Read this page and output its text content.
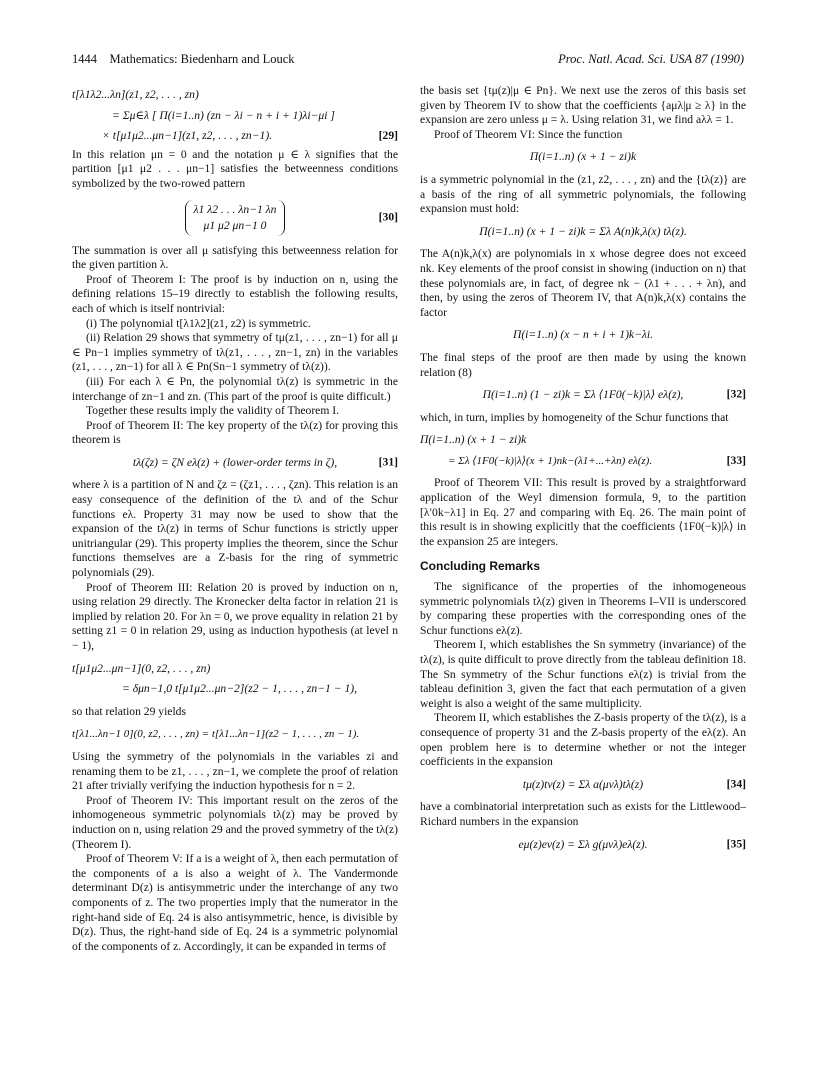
1444 Mathematics: Biedenharn and Louck	Proc. Natl. Acad. Sci. USA 87 (1990)
t[λ1λ2...λn](z1, z2, . . . , zn)
= Σμ∈λ [ Π(i=1..n) (zn − λi − n + i + 1)λi−μi ]
× t[μ1μ2...μn−1](z1, z2, . . . , zn−1).	[29]

In this relation μn = 0 and the notation μ ∈ λ signifies that the partition [μ1 μ2 . . . μn−1] satisfies the betweenness conditions symbolized by the two-rowed pattern

λ1 λ2 . . . λn−1 λn
μ1 μ2 μn−1 0
[30]

The summation is over all μ satisfying this betweenness relation for the given partition λ.

Proof of Theorem I: The proof is by induction on n, using the defining relations 15–19 directly to establish the following results, each of which is itself nontrivial:

(i) The polynomial t[λ1λ2](z1, z2) is symmetric.

(ii) Relation 29 shows that symmetry of tμ(z1, . . . , zn−1) for all μ ∈ Pn−1 implies symmetry of tλ(z1, . . . , zn−1, zn) in the variables (z1, . . . , zn−1) for all λ ∈ Pn(Sn−1 symmetry of tλ(z)).

(iii) For each λ ∈ Pn, the polynomial tλ(z) is symmetric in the interchange of zn−1 and zn. (This part of the proof is quite difficult.)

Together these results imply the validity of Theorem I.

Proof of Theorem II: The key property of the tλ(z) for proving this theorem is

tλ(ζz) = ζN eλ(z) + (lower-order terms in ζ),	[31]

where λ is a partition of N and ζz = (ζz1, . . . , ζzn). This relation is an easy consequence of the definition of the tλ and of the Schur functions eλ. Property 31 may now be used to show that the expansion of the tλ(z) in terms of Schur functions is strictly upper unitriangular (29). This property implies the theorem, since the Schur functions themselves are a Z-basis for the ring of symmetric polynomials (29).

Proof of Theorem III: Relation 20 is proved by induction on n, using relation 29 directly. The Kronecker delta factor in relation 21 is implied by relation 20. For λn = 0, we prove equality in relation 21 by setting z1 = 0 in relation 29, using as induction hypothesis (at level n − 1),

t[μ1μ2...μn−1](0, z2, . . . , zn)
= δμn−1,0 t[μ1μ2...μn−2](z2 − 1, . . . , zn−1 − 1),

so that relation 29 yields

t[λ1...λn−1 0](0, z2, . . . , zn) = t[λ1...λn−1](z2 − 1, . . . , zn − 1).

Using the symmetry of the polynomials in the variables zi and renaming them to be z1, . . . , zn−1, we complete the proof of relation 21 after trivially verifying the induction hypothesis for n = 2.

Proof of Theorem IV: This important result on the zeros of the inhomogeneous symmetric polynomials tλ(z) may be proved by induction on n, using relation 29 and the proved symmetry of the tλ(z) (Theorem I).

Proof of Theorem V: If a is a weight of λ, then each permutation of the components of a is also a weight of λ. The Vandermonde determinant D(z) is antisymmetric under the interchange of any two components of z. The two properties imply that the numerator in the right-hand side of Eq. 24 is also antisymmetric, hence, is divisible by D(z). Thus, the right-hand side of Eq. 24 is a symmetric polynomial of the components of z. Accordingly, it can be expanded in terms of

the basis set {tμ(z)|μ ∈ Pn}. We next use the zeros of this basis set given by Theorem IV to show that the coefficients {aμλ|μ ≥ λ} in the expansion are zero unless μ = λ. Using relation 31, we find aλλ = 1.

Proof of Theorem VI: Since the function

Π(i=1..n) (x + 1 − zi)k

is a symmetric polynomial in the (z1, z2, . . . , zn) and the {tλ(z)} are a basis of the ring of all symmetric polynomials, the following expansion must hold:

Π(i=1..n) (x + 1 − zi)k = Σλ A(n)k,λ(x) tλ(z).

The A(n)k,λ(x) are polynomials in x whose degree does not exceed nk. Key elements of the proof consist in showing (induction on n) that these polynomials are, in fact, of degree nk − (λ1 + . . . + λn), and then, by using the zeros of Theorem IV, that A(n)k,λ(x) contains the factor

Π(i=1..n) (x − n + i + 1)k−λi.

The final steps of the proof are then made by using the known relation (8)

Π(i=1..n) (1 − zi)k = Σλ ⟨1F0(−k)|λ⟩ eλ(z),	[32]

which, in turn, implies by homogeneity of the Schur functions that

Π(i=1..n) (x + 1 − zi)k
= Σλ ⟨1F0(−k)|λ⟩(x + 1)nk−(λ1+...+λn) eλ(z).	[33]

Proof of Theorem VII: This result is proved by a straightforward application of the Weyl dimension formula, 9, to the partition [λ′0k−λ1] in Eq. 27 and comparing with Eq. 26. The main point of this result is in showing explicitly that the coefficients ⟨1F0(−k)|λ⟩ in the expansion 25 are integers.

Concluding Remarks

The significance of the properties of the inhomogeneous symmetric polynomials tλ(z) given in Theorems I–VII is underscored by comparing these properties with the corresponding ones of the Schur functions eλ(z).

Theorem I, which establishes the Sn symmetry (invariance) of the tλ(z), is quite difficult to prove directly from the tableau definition 18. The Sn symmetry of the Schur functions eλ(z) is trivial from the tableau definition 3, given the fact that each permutation of a given weight is also a weight of the same multiplicity.

Theorem II, which establishes the Z-basis property of the tλ(z), is a consequence of property 31 and the Z-basis property of the eλ(z). An open problem here is to determine whether or not the integer coefficients in the expansion

tμ(z)tν(z) = Σλ a(μνλ)tλ(z)	[34]

have a combinatorial interpretation such as exists for the Littlewood–Richard numbers in the expansion

eμ(z)eν(z) = Σλ g(μνλ)eλ(z).	[35]
